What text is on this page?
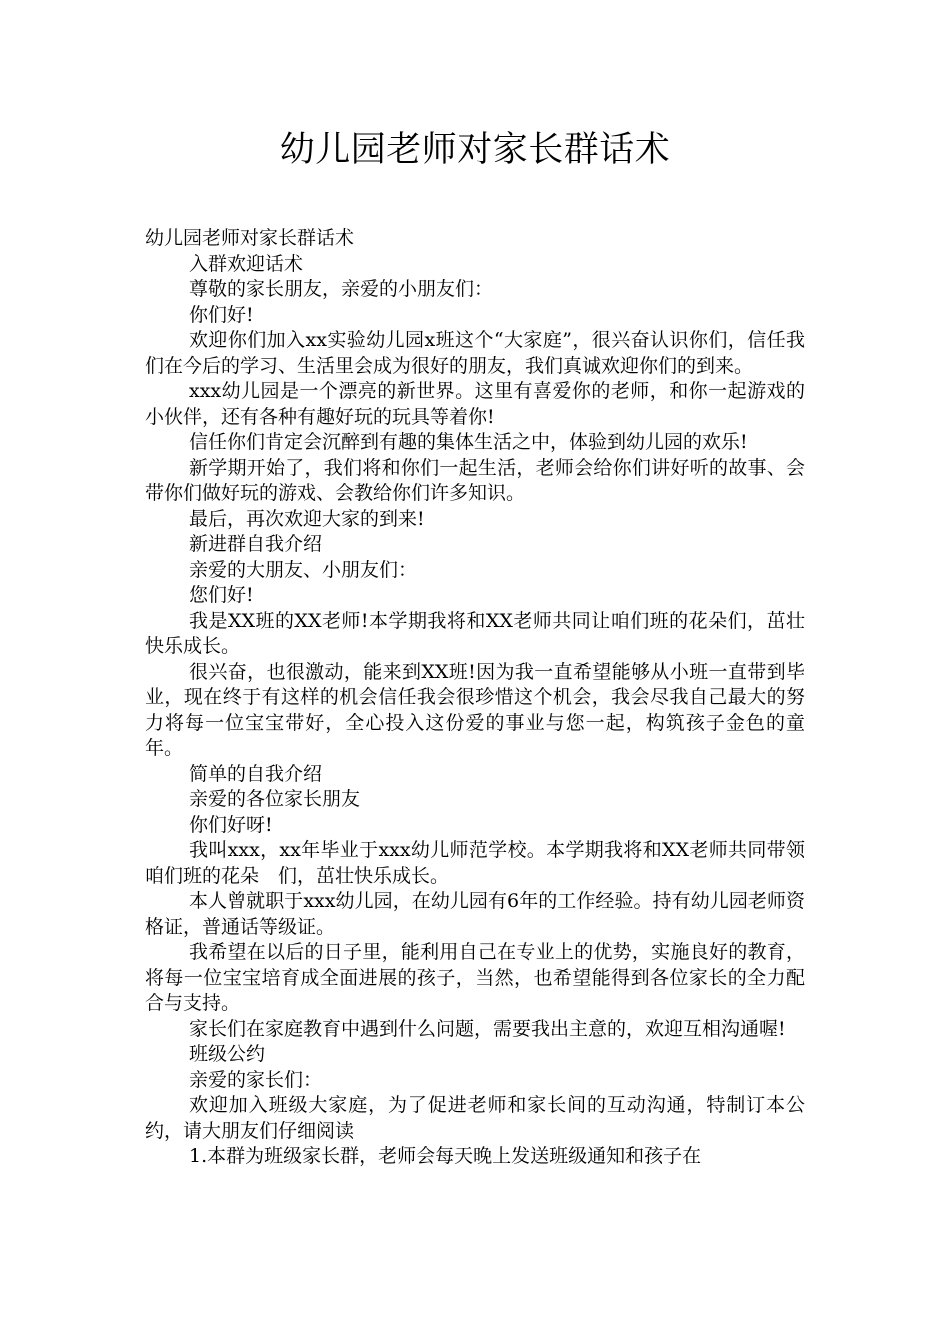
幼儿园老师对家长群话术

幼儿园老师对家长群话术

入群欢迎话术

尊敬的家长朋友，亲爱的小朋友们：

你们好!

欢迎你们加入xx实验幼儿园x班这个“大家庭”，很兴奋认识你们，信任我们在今后的学习、生活里会成为很好的朋友，我们真诚欢迎你们的到来。

xxx幼儿园是一个漂亮的新世界。这里有喜爱你的老师，和你一起游戏的小伙伴，还有各种有趣好玩的玩具等着你!

信任你们肯定会沉醉到有趣的集体生活之中，体验到幼儿园的欢乐!

新学期开始了，我们将和你们一起生活，老师会给你们讲好听的故事、会带你们做好玩的游戏、会教给你们许多知识。

最后，再次欢迎大家的到来!

新进群自我介绍

亲爱的大朋友、小朋友们：

您们好!

我是XX班的XX老师!本学期我将和XX老师共同让咱们班的花朵们，茁壮快乐成长。

很兴奋，也很激动，能来到XX班!因为我一直希望能够从小班一直带到毕业，现在终于有这样的机会信任我会很珍惜这个机会，我会尽我自己最大的努力将每一位宝宝带好，全心投入这份爱的事业与您一起，构筑孩子金色的童年。

简单的自我介绍

亲爱的各位家长朋友

你们好呀!

我叫xxx，xx年毕业于xxx幼儿师范学校。本学期我将和XX老师共同带领咱们班的花朵　们，茁壮快乐成长。

本人曾就职于xxx幼儿园，在幼儿园有6年的工作经验。持有幼儿园老师资格证，普通话等级证。

我希望在以后的日子里，能利用自己在专业上的优势，实施良好的教育，将每一位宝宝培育成全面进展的孩子，当然，也希望能得到各位家长的全力配合与支持。

家长们在家庭教育中遇到什么问题，需要我出主意的，欢迎互相沟通喔!

班级公约

亲爱的家长们：

欢迎加入班级大家庭，为了促进老师和家长间的互动沟通，特制订本公约，请大朋友们仔细阅读

1.本群为班级家长群，老师会每天晚上发送班级通知和孩子在
